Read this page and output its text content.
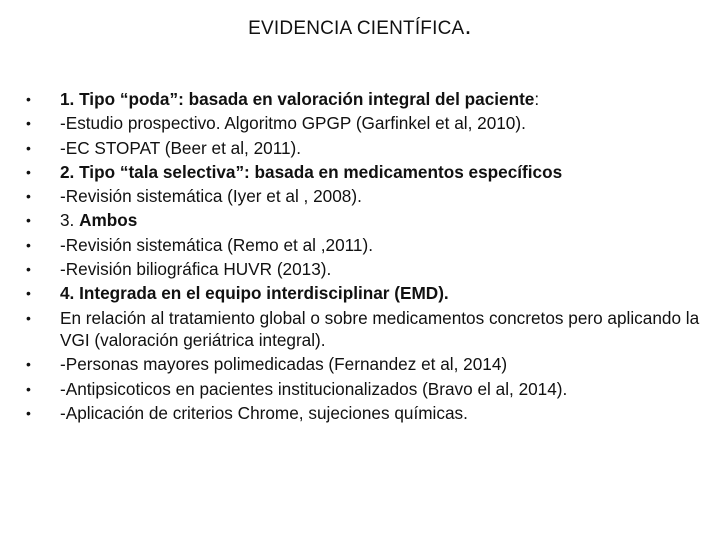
EVIDENCIA CIENTÍFICA.
• 1. Tipo “poda”: basada en valoración integral del paciente:
• -Estudio prospectivo. Algoritmo GPGP (Garfinkel et al, 2010).
• -EC STOPAT (Beer et al, 2011).
• 2. Tipo “tala selectiva”: basada en medicamentos específicos
• -Revisión sistemática (Iyer et al , 2008).
• 3. Ambos
• -Revisión sistemática (Remo et al ,2011).
• -Revisión biliográfica HUVR (2013).
• 4. Integrada en el equipo interdisciplinar (EMD).
• En relación al tratamiento global o sobre medicamentos concretos pero aplicando la VGI (valoración geriátrica integral).
• -Personas mayores polimedicadas (Fernandez et al, 2014)
• -Antipsicoticos en pacientes institucionalizados (Bravo el al, 2014).
• -Aplicación de criterios Chrome, sujeciones químicas.
